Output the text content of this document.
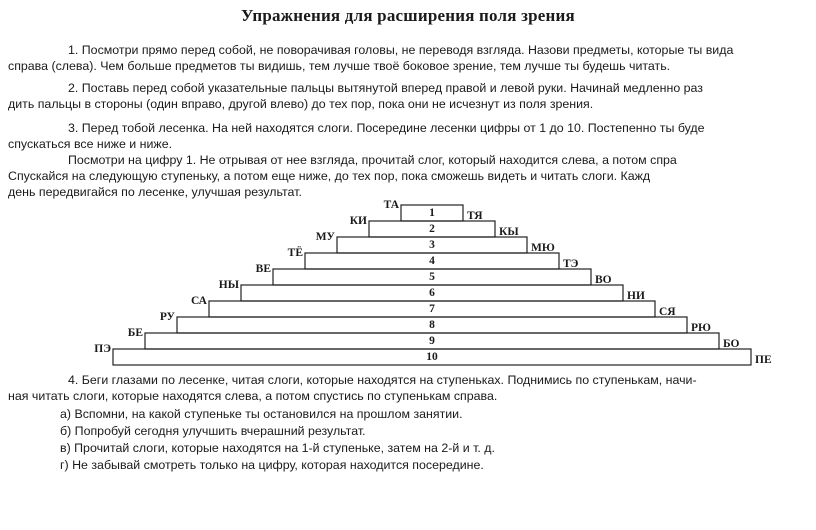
Упражнения для расширения поля зрения
1. Посмотри прямо перед собой, не поворачивая головы, не переводя взгляда. Назови предметы, которые ты вида
справа (слева). Чем больше предметов ты видишь, тем лучше твоё боковое зрение, тем лучше ты будешь читать.
2. Поставь перед собой указательные пальцы вытянутой вперед правой и левой руки. Начинай медленно раз
дить пальцы в стороны (один вправо, другой влево) до тех пор, пока они не исчезнут из поля зрения.
3. Перед тобой лесенка. На ней находятся слоги. Посередине лесенки цифры от 1 до 10. Постепенно ты буде
спускаться все ниже и ниже.
Посмотри на цифру 1. Не отрывая от нее взгляда, прочитай слог, который находится слева, а потом спра
Спускайся на следующую ступеньку, а потом еще ниже, до тех пор, пока сможешь видеть и читать слоги. Кажд
день передвигайся по лесенке, улучшая результат.
1
ТА
ТЯ
2
КИ
КЫ
3
МУ
МЮ
4
ТЁ
ТЭ
5
ВЕ
ВО
6
НЫ
НИ
7
СА
СЯ
8
РУ
РЮ
9
БЕ
БО
10
ПЭ
ПЕ
4. Беги глазами по лесенке, читая слоги, которые находятся на ступеньках. Поднимись по ступенькам, начи-
ная читать слоги, которые находятся слева, а потом спустись по ступенькам справа.
а) Вспомни, на какой ступеньке ты остановился на прошлом занятии.
б) Попробуй сегодня улучшить вчерашний результат.
в) Прочитай слоги, которые находятся на 1-й ступеньке, затем на 2-й и т. д.
г) Не забывай смотреть только на цифру, которая находится посередине.
